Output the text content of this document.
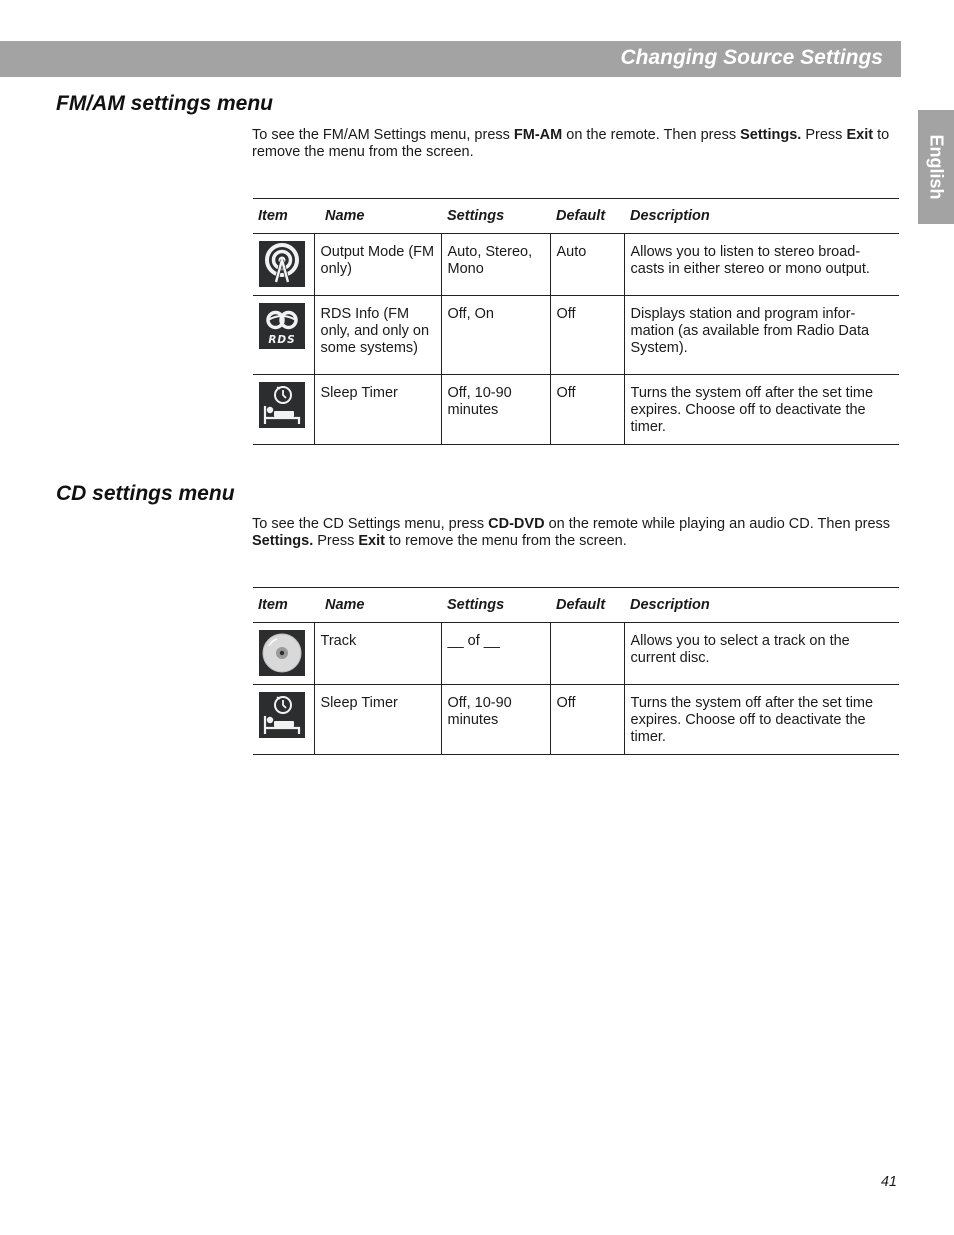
Changing Source Settings
English
FM/AM settings menu

To see the FM/AM Settings menu, press FM-AM on the remote. Then press Settings. Press Exit to remove the menu from the screen.

Item	Name	Settings	Default	Description

	Output Mode (FM only)	Auto, Stereo, Mono	Auto	Allows you to listen to stereo broad-casts in either stereo or mono output.

RDS	RDS Info (FM only, and only on some systems)	Off, On	Off	Displays station and program infor-mation (as available from Radio Data System).

	Sleep Timer	Off, 10-90 minutes	Off	Turns the system off after the set time expires. Choose off to deactivate the timer.
CD settings menu

To see the CD Settings menu, press CD-DVD on the remote while playing an audio CD. Then press Settings. Press Exit to remove the menu from the screen.

Item	Name	Settings	Default	Description

	Track	__ of __		Allows you to select a track on the current disc.

	Sleep Timer	Off, 10-90 minutes	Off	Turns the system off after the set time expires. Choose off to deactivate the timer.
41
